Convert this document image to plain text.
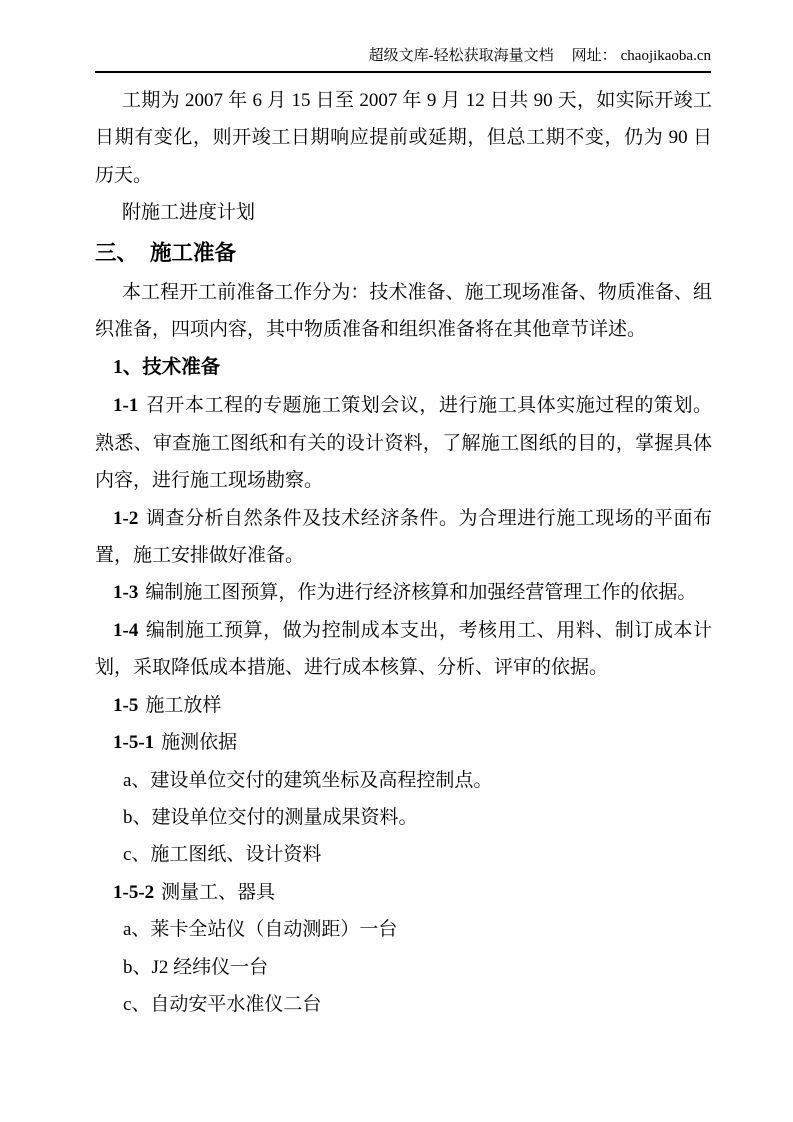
超级文库-轻松获取海量文档 网址： chaojikaoba.cn

工期为 2007 年 6 月 15 日至 2007 年 9 月 12 日共 90 天，如实际开竣工日期有变化，则开竣工日期响应提前或延期，但总工期不变，仍为 90 日历天。

附施工进度计划

三、 施工准备

本工程开工前准备工作分为：技术准备、施工现场准备、物质准备、组织准备，四项内容，其中物质准备和组织准备将在其他章节详述。

1、技术准备

1-1 召开本工程的专题施工策划会议，进行施工具体实施过程的策划。熟悉、审查施工图纸和有关的设计资料，了解施工图纸的目的，掌握具体内容，进行施工现场勘察。

1-2 调查分析自然条件及技术经济条件。为合理进行施工现场的平面布置，施工安排做好准备。

1-3 编制施工图预算，作为进行经济核算和加强经营管理工作的依据。

1-4 编制施工预算，做为控制成本支出，考核用工、用料、制订成本计划，采取降低成本措施、进行成本核算、分析、评审的依据。

1-5 施工放样

1-5-1 施测依据

a、建设单位交付的建筑坐标及高程控制点。

b、建设单位交付的测量成果资料。

c、施工图纸、设计资料

1-5-2 测量工、器具

a、莱卡全站仪（自动测距）一台

b、J2 经纬仪一台

c、自动安平水准仪二台
